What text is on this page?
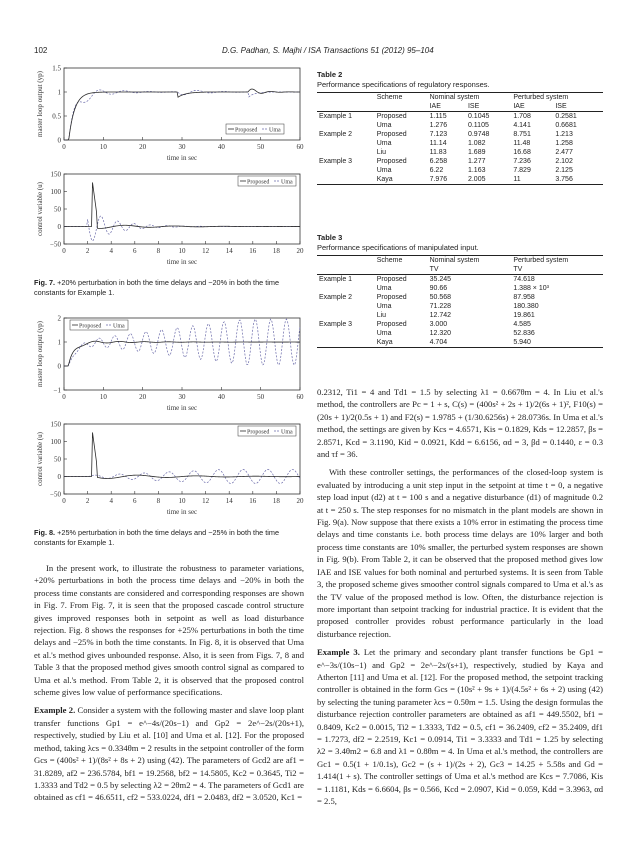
102	D.G. Padhan, S. Majhi / ISA Transactions 51 (2012) 95–104
master loop output (yp)
time in sec
0	10	20	30	40	50	60
0
0.5
1
1.5
Proposed Uma
control variable (u)
time in sec
0	2	4	6	8	10 12 14 16 18 20
−50
0
50
100
150
Proposed Uma
Fig. 7. +20% perturbation in both the time delays and −20% in both the time constants for Example 1.
master loop output (yp)
time in sec
0	10	20	30	40	50	60
−1
0
1
2
Proposed Uma
control variable (u)
time in sec
0	2	4	6	8	10 12 14 16 18 20
−50
0
50
100
150
Proposed Uma
Fig. 8. +25% perturbation in both the time delays and −25% in both the time constants for Example 1.

In the present work, to illustrate the robustness to parameter variations, +20% perturbations in both the process time delays and −20% in both the process time constants are considered and corresponding responses are shown in Fig. 7. From Fig. 7, it is seen that the proposed cascade control structure gives improved responses both in setpoint as well as load disturbance rejection. Fig. 8 shows the responses for +25% perturbations in both the time delays and −25% in both the time constants. In Fig. 8, it is observed that Uma et al.'s method gives unbounded response. Also, it is seen from Figs. 7, 8 and Table 3 that the proposed method gives smooth control signal as compared to Uma et al.'s method. From Table 2, it is observed that the proposed control scheme gives low value of performance specifications.

Example 2. Consider a system with the following master and slave loop plant transfer functions Gp1 = e^−4s/(20s−1) and Gp2 = 2e^−2s/(20s+1), respectively, studied by Liu et al. [10] and Uma et al. [12]. For the proposed method, taking λcs = 0.334θm = 2 results in the setpoint controller of the form Gcs = (400s² + 1)/(8s² + 8s + 2) using (42). The parameters of Gcd2 are af1 = 31.8289, af2 = 236.5784, bf1 = 19.2568, bf2 = 14.5805, Kc2 = 0.3645, Ti2 = 1.3333 and Td2 = 0.5 by selecting λ2 = 2θm2 = 4. The parameters of Gcd1 are obtained as cf1 = 46.6511, cf2 = 533.0224, df1 = 2.0483, df2 = 3.0520, Kc1 =

Table 2
Performance specifications of regulatory responses.
	Scheme	Nominal system		Perturbed system	
		IAE	ISE	IAE	ISE
Example 1	Proposed	1.115	0.1045	1.708	0.2581
	Uma	1.276	0.1105	4.141	0.6681
Example 2	Proposed	7.123	0.9748	8.751	1.213
	Uma	11.14	1.082	11.48	1.258
	Liu	11.83	1.689	16.68	2.477
Example 3	Proposed	6.258	1.277	7.236	2.102
	Uma	6.22	1.163	7.829	2.125
	Kaya	7.976	2.005	11	3.756
Table 3
Performance specifications of manipulated input.
	Scheme	Nominal system	Perturbed system
		TV	TV
Example 1	Proposed	35.245	74.618
	Uma	90.66	1.388 × 10³
Example 2	Proposed	50.568	87.958
	Uma	71.228	180.380
	Liu	12.742	19.861
Example 3	Proposed	3.000	4.585
	Uma	12.320	52.836
	Kaya	4.704	5.940

0.2312, Ti1 = 4 and Td1 = 1.5 by selecting λ1 = 0.667θm = 4. In Liu et al.'s method, the controllers are Pc = 1 + s, C(s) = (400s² + 2s + 1)/2(6s + 1)², F10(s) = (20s + 1)/2(0.5s + 1) and F2(s) = 1.9785 + (1/30.6256s) + 28.0736s. In Uma et al.'s method, the settings are given by Kcs = 4.6571, Kis = 0.1829, Kds = 12.2857, βs = 2.8571, Kcd = 3.1190, Kid = 0.0921, Kdd = 6.6156, αd = 3, βd = 0.1440, ε = 0.3 and τf = 36.

With these controller settings, the performances of the closed-loop system is evaluated by introducing a unit step input in the setpoint at time t = 0, a negative step load input (d2) at t = 100 s and a negative disturbance (d1) of magnitude 0.2 at t = 250 s. The step responses for no mismatch in the plant models are shown in Fig. 9(a). Now suppose that there exists a 10% error in estimating the process time delays and time constants i.e. both process time delays are 10% larger and both process time constants are 10% smaller, the perturbed system responses are shown in Fig. 9(b). From Table 2, it can be observed that the proposed method gives low IAE and ISE values for both nominal and perturbed systems. It is seen from Table 3, the proposed scheme gives smoother control signals compared to Uma et al.'s as the TV value of the proposed method is low. Often, the disturbance rejection is more important than setpoint tracking for industrial practice. It is evident that the proposed controller provides robust performance particularly in the load disturbance rejection.

Example 3. Let the primary and secondary plant transfer functions be Gp1 = e^−3s/(10s−1) and Gp2 = 2e^−2s/(s+1), respectively, studied by Kaya and Atherton [11] and Uma et al. [12]. For the proposed method, the setpoint tracking controller is obtained in the form Gcs = (10s² + 9s + 1)/(4.5s² + 6s + 2) using (42) by selecting the tuning parameter λcs = 0.5θm = 1.5. Using the design formulas the disturbance rejection controller parameters are obtained as af1 = 449.5502, bf1 = 0.8409, Kc2 = 0.0015, Ti2 = 1.3333, Td2 = 0.5, cf1 = 36.2409, cf2 = 35.2409, df1 = 1.7273, df2 = 2.2519, Kc1 = 0.0914, Ti1 = 3.3333 and Td1 = 1.25 by selecting λ2 = 3.4θm2 = 6.8 and λ1 = 0.8θm = 4. In Uma et al.'s method, the controllers are Gc1 = 0.5(1 + 1/0.1s), Gc2 = (s + 1)/(2s + 2), Gc3 = 14.25 + 5.58s and Gd = 1.414(1 + s). The controller settings of Uma et al.'s method are Kcs = 7.7086, Kis = 1.1181, Kds = 6.6604, βs = 0.566, Kcd = 2.0907, Kid = 0.059, Kdd = 3.3963, αd = 2.5,
